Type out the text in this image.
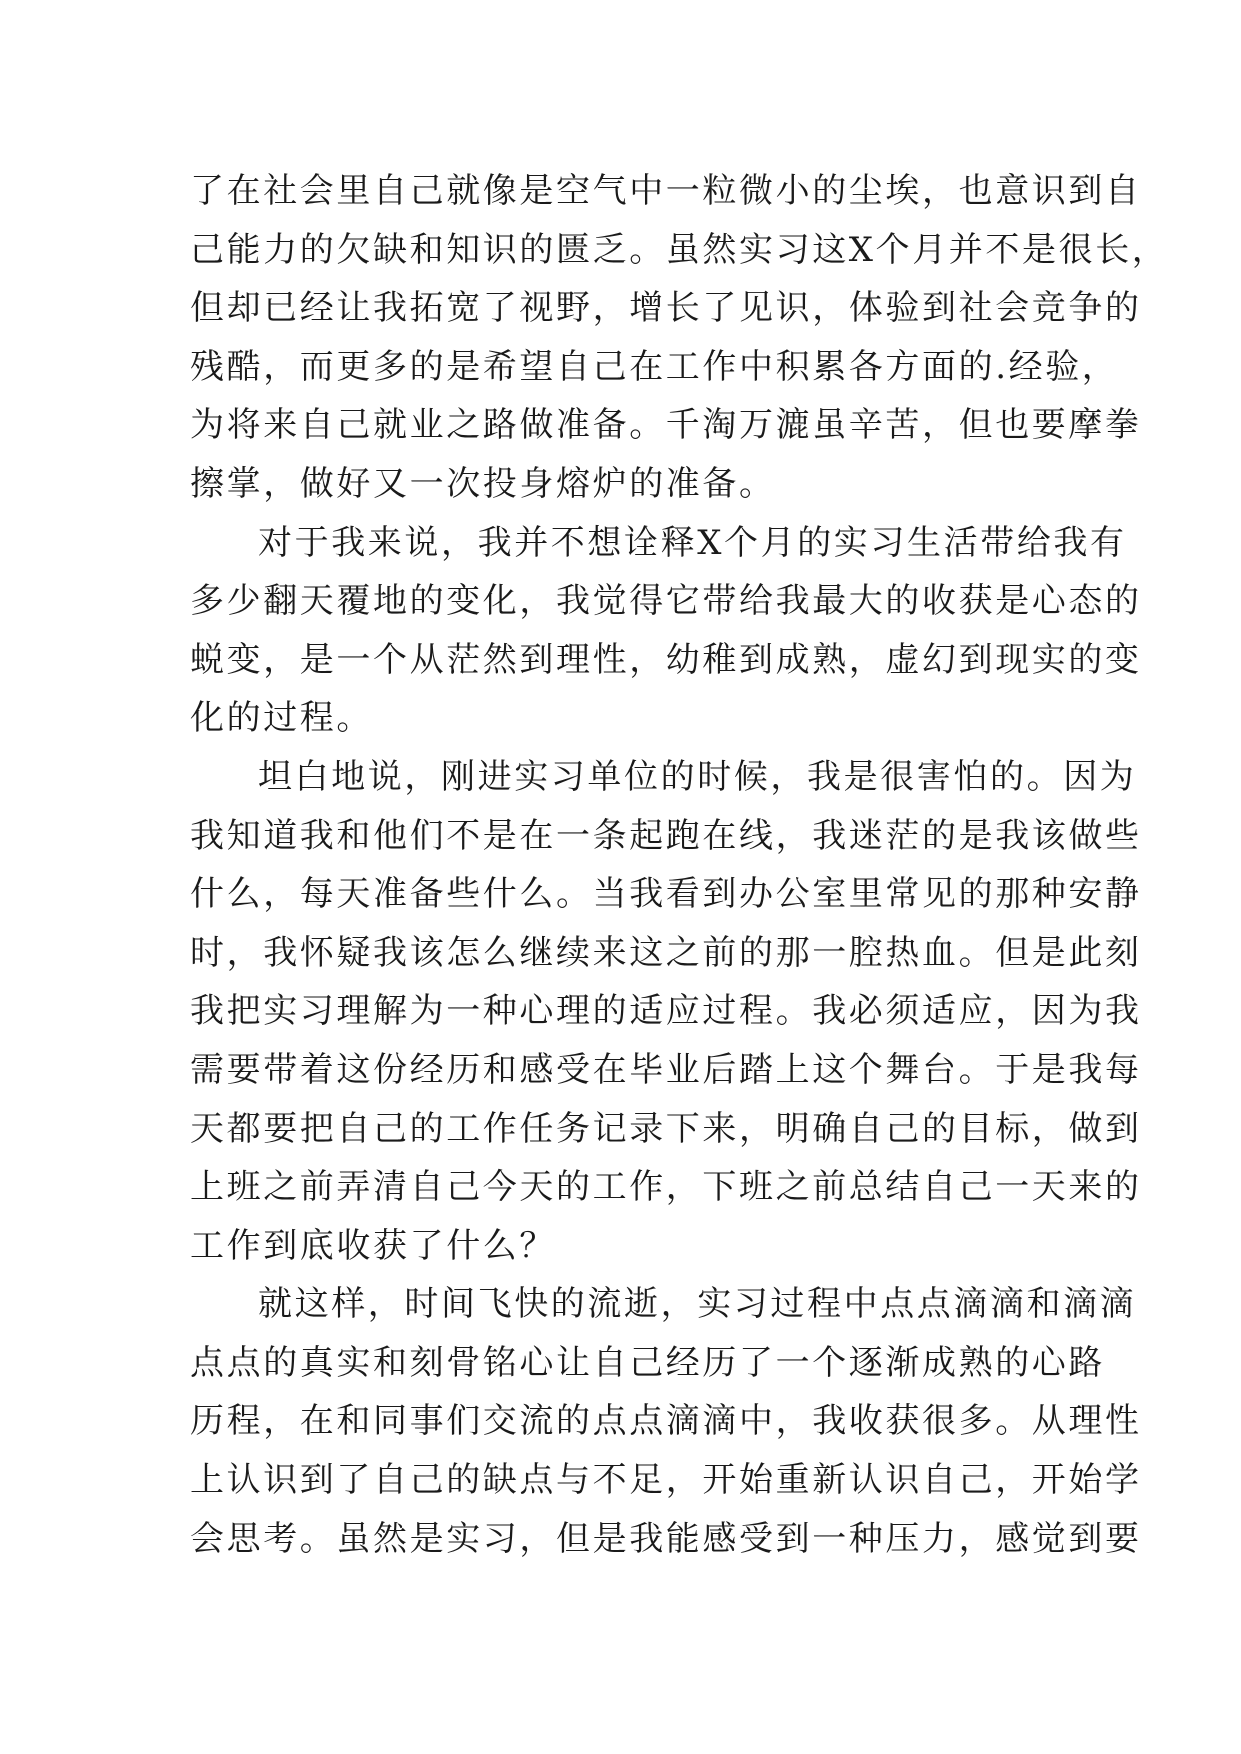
了在社会里自己就像是空气中一粒微小的尘埃，也意识到自
己能力的欠缺和知识的匮乏。虽然实习这X个月并不是很长，
但却已经让我拓宽了视野，增长了见识，体验到社会竞争的
残酷，而更多的是希望自己在工作中积累各方面的.经验，
为将来自己就业之路做准备。千淘万漉虽辛苦，但也要摩拳
擦掌，做好又一次投身熔炉的准备。
对于我来说，我并不想诠释X个月的实习生活带给我有
多少翻天覆地的变化，我觉得它带给我最大的收获是心态的
蜕变，是一个从茫然到理性，幼稚到成熟，虚幻到现实的变
化的过程。
坦白地说，刚进实习单位的时候，我是很害怕的。因为
我知道我和他们不是在一条起跑在线，我迷茫的是我该做些
什么，每天准备些什么。当我看到办公室里常见的那种安静
时，我怀疑我该怎么继续来这之前的那一腔热血。但是此刻
我把实习理解为一种心理的适应过程。我必须适应，因为我
需要带着这份经历和感受在毕业后踏上这个舞台。于是我每
天都要把自己的工作任务记录下来，明确自己的目标，做到
上班之前弄清自己今天的工作，下班之前总结自己一天来的
工作到底收获了什么？
就这样，时间飞快的流逝，实习过程中点点滴滴和滴滴
点点的真实和刻骨铭心让自己经历了一个逐渐成熟的心路
历程，在和同事们交流的点点滴滴中，我收获很多。从理性
上认识到了自己的缺点与不足，开始重新认识自己，开始学
会思考。虽然是实习，但是我能感受到一种压力，感觉到要
